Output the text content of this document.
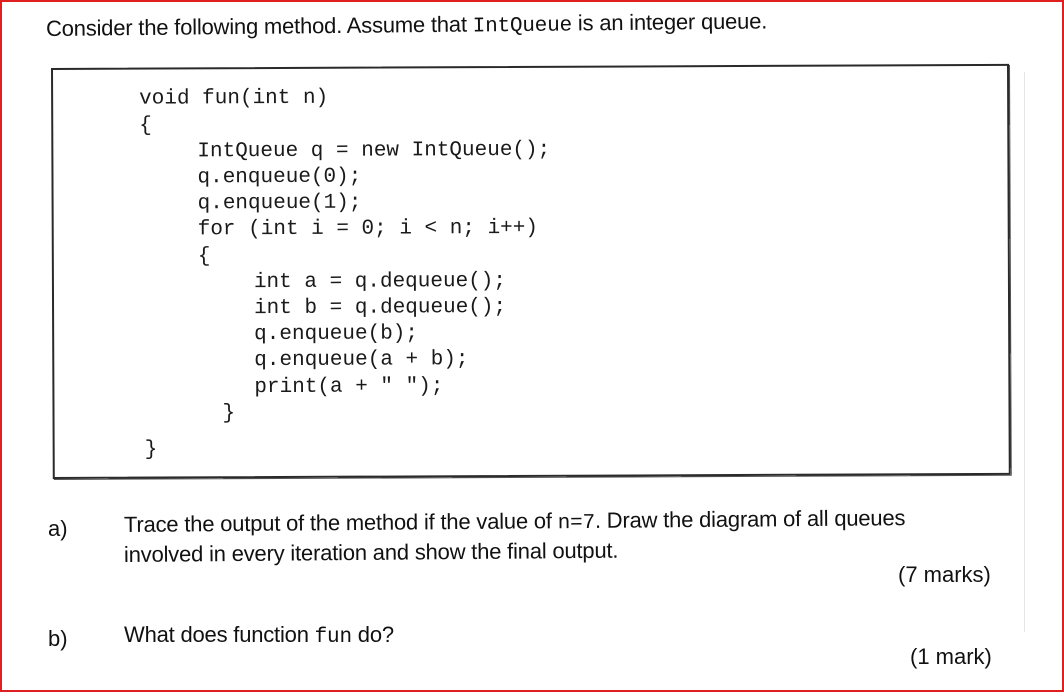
Consider the following method. Assume that IntQueue is an integer queue.
void fun(int n)
{
IntQueue q = new IntQueue();
q.enqueue(0);
q.enqueue(1);
for (int i = 0; i < n; i++)
{
int a = q.dequeue();
int b = q.dequeue();
q.enqueue(b);
q.enqueue(a + b);
print(a + " ");
}
}
a)	Trace the output of the method if the value of n=7. Draw the diagram of all queues
involved in every iteration and show the final output.
(7 marks)
b)	What does function fun do?
(1 mark)
